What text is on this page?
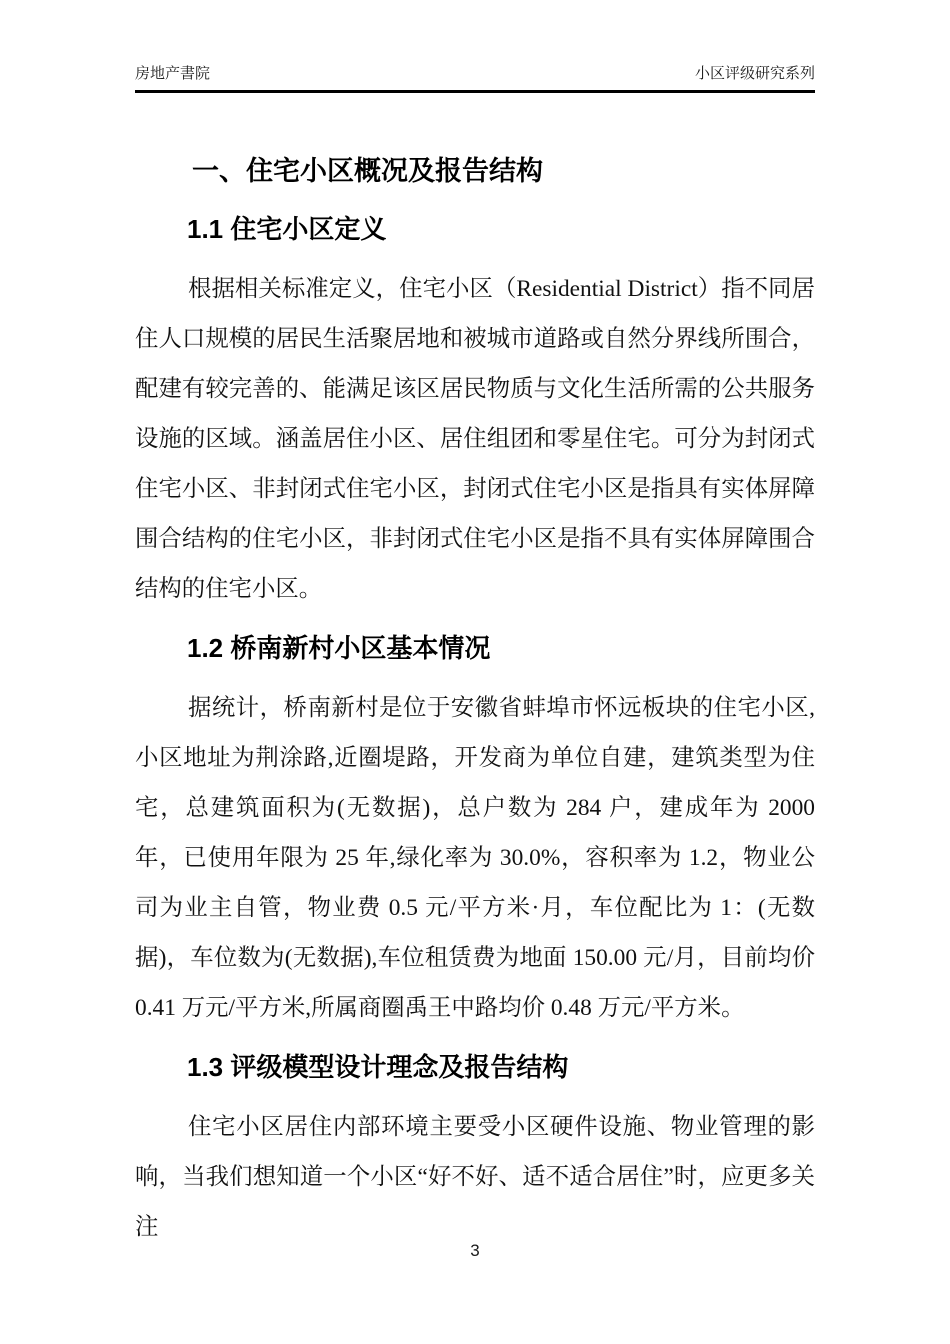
房地产書院	小区评级研究系列
一、住宅小区概况及报告结构
1.1 住宅小区定义

根据相关标准定义，住宅小区（Residential District）指不同居住人口规模的居民生活聚居地和被城市道路或自然分界线所围合，配建有较完善的、能满足该区居民物质与文化生活所需的公共服务设施的区域。涵盖居住小区、居住组团和零星住宅。可分为封闭式住宅小区、非封闭式住宅小区，封闭式住宅小区是指具有实体屏障围合结构的住宅小区，非封闭式住宅小区是指不具有实体屏障围合结构的住宅小区。

1.2 桥南新村小区基本情况

据统计，桥南新村是位于安徽省蚌埠市怀远板块的住宅小区,小区地址为荆涂路,近圈堤路，开发商为单位自建，建筑类型为住宅，总建筑面积为(无数据)，总户数为 284 户，建成年为 2000 年，已使用年限为 25 年,绿化率为 30.0%，容积率为 1.2，物业公司为业主自管，物业费 0.5 元/平方米·月，车位配比为 1：(无数据)，车位数为(无数据),车位租赁费为地面 150.00 元/月，目前均价 0.41 万元/平方米,所属商圈禹王中路均价 0.48 万元/平方米。

1.3 评级模型设计理念及报告结构

住宅小区居住内部环境主要受小区硬件设施、物业管理的影响，当我们想知道一个小区“好不好、适不适合居住”时，应更多关注

3
